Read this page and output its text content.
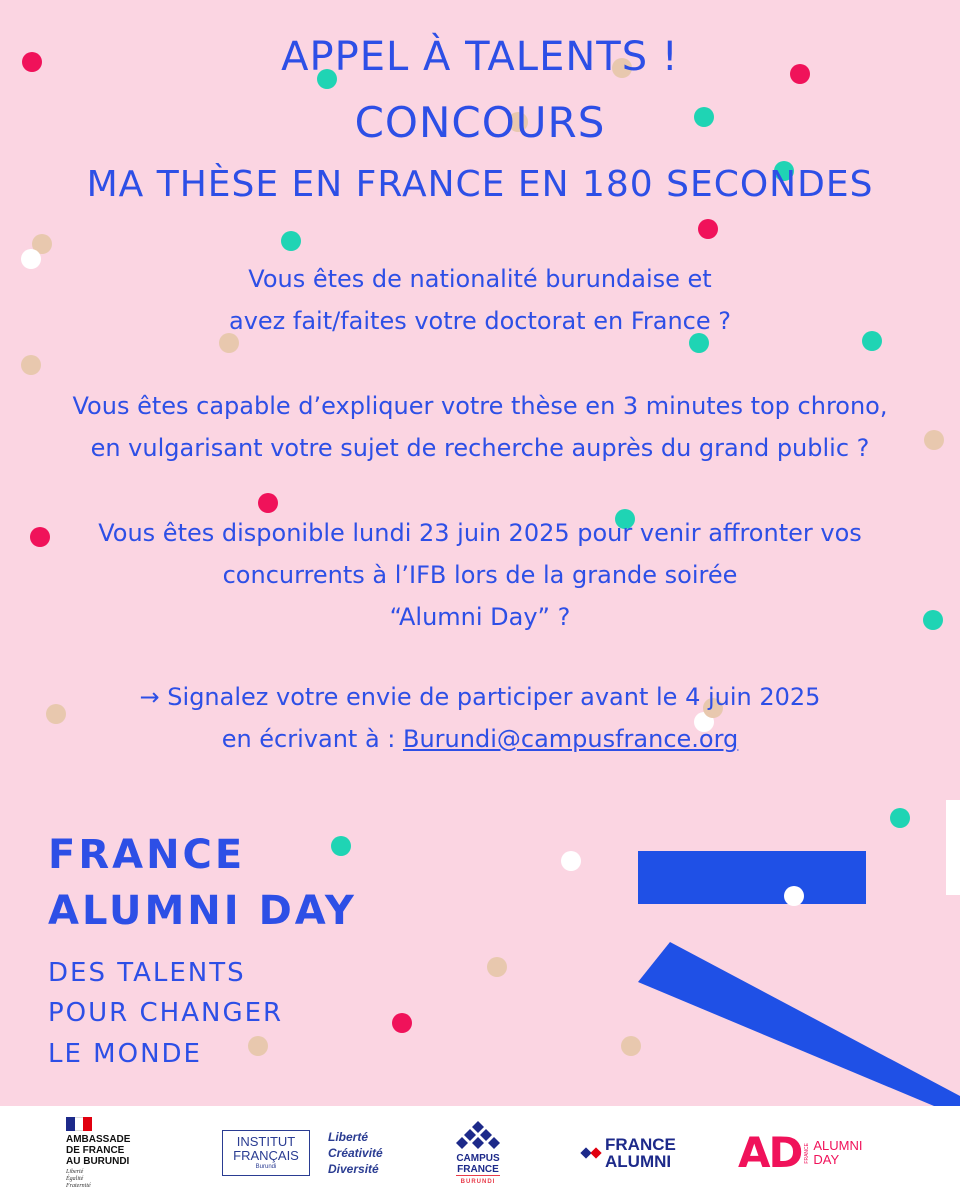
APPEL À TALENTS !
CONCOURS
MA THÈSE EN FRANCE EN 180 SECONDES
Vous êtes de nationalité burundaise et
avez fait/faites votre doctorat en France ?
Vous êtes capable d’expliquer votre thèse en 3 minutes top chrono,
en vulgarisant votre sujet de recherche auprès du grand public ?
Vous êtes disponible lundi 23 juin 2025 pour venir affronter vos
concurrents à l’IFB lors de la grande soirée
“Alumni Day” ?
→ Signalez votre envie de participer avant le 4 juin 2025
en écrivant à : Burundi@campusfrance.org
FRANCE
ALUMNI DAY
DES TALENTS
POUR CHANGER
LE MONDE
AMBASSADE
DE FRANCE
AU BURUNDI
Liberté
Égalité
Fraternité
INSTITUT
FRANÇAIS
Burundi
Liberté
Créativité
Diversité
CAMPUS
FRANCE
BURUNDI
FRANCE
ALUMNI AD FRANCE ALUMNI
DAY
